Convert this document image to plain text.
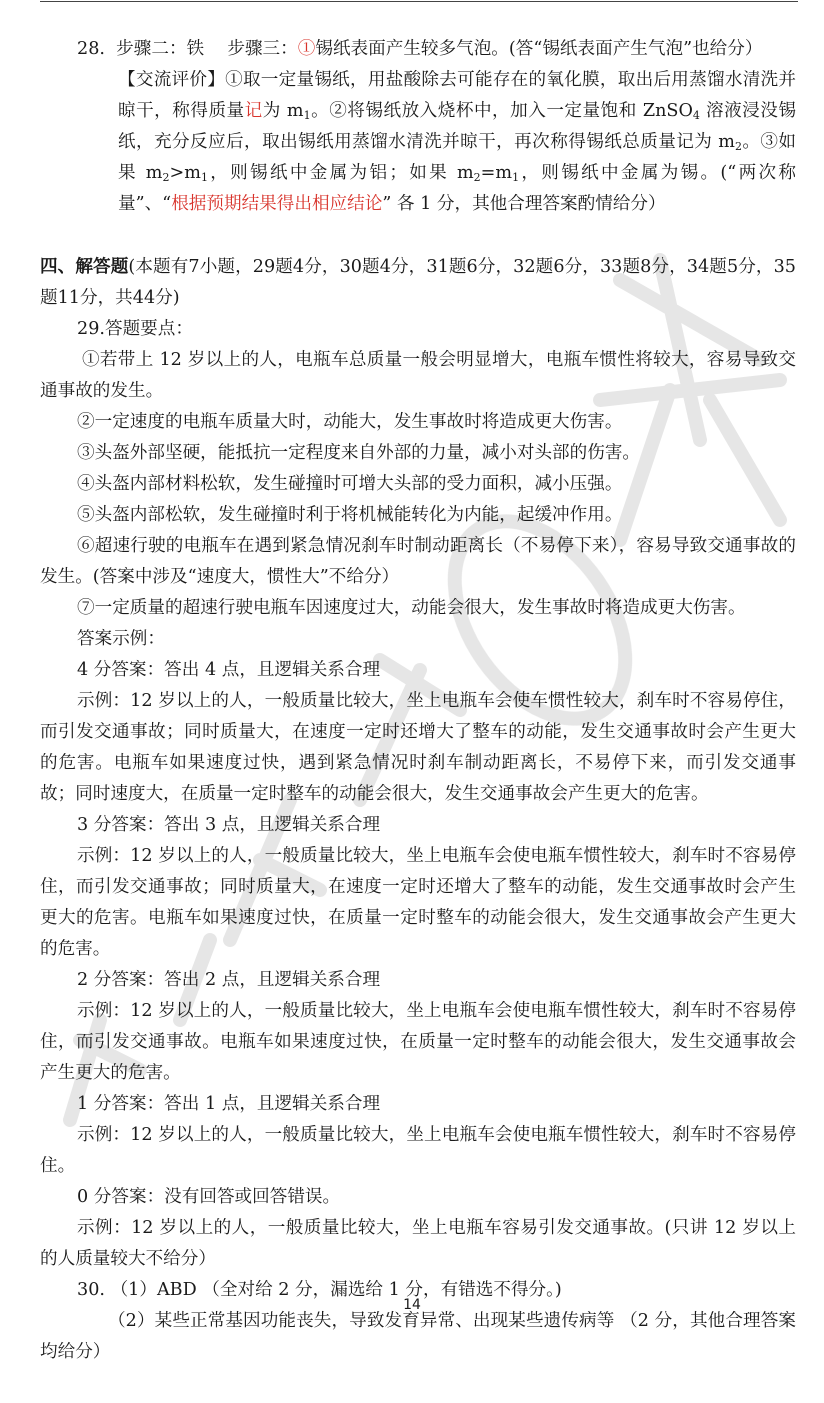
28. 步骤二：铁  步骤三：①锡纸表面产生较多气泡。(答“锡纸表面产生气泡”也给分）

【交流评价】①取一定量锡纸，用盐酸除去可能存在的氧化膜，取出后用蒸馏水清洗并晾干，称得质量记为 $m_1$。②将锡纸放入烧杯中，加入一定量饱和 ZnSO$_4$ 溶液浸没锡纸，充分反应后，取出锡纸用蒸馏水清洗并晾干，再次称得锡纸总质量记为 $m_2$。③如果 $m_2>m_1$，则锡纸中金属为铝；如果 $m_2=m_1$，则锡纸中金属为锡。(“两次称量”、“根据预期结果得出相应结论” 各 1 分，其他合理答案酌情给分）

四、解答题(本题有7小题，29题4分，30题4分，31题6分，32题6分，33题8分，34题5分，35题11分，共44分)

29.答题要点：

①若带上 12 岁以上的人，电瓶车总质量一般会明显增大，电瓶车惯性将较大，容易导致交通事故的发生。

②一定速度的电瓶车质量大时，动能大，发生事故时将造成更大伤害。

③头盔外部坚硬，能抵抗一定程度来自外部的力量，减小对头部的伤害。

④头盔内部材料松软，发生碰撞时可增大头部的受力面积，减小压强。

⑤头盔内部松软，发生碰撞时利于将机械能转化为内能，起缓冲作用。

⑥超速行驶的电瓶车在遇到紧急情况刹车时制动距离长（不易停下来），容易导致交通事故的发生。(答案中涉及“速度大，惯性大”不给分）

⑦一定质量的超速行驶电瓶车因速度过大，动能会很大，发生事故时将造成更大伤害。

答案示例：

4 分答案：答出 4 点，且逻辑关系合理

示例：12 岁以上的人，一般质量比较大，坐上电瓶车会使车惯性较大，刹车时不容易停住，而引发交通事故；同时质量大，在速度一定时还增大了整车的动能，发生交通事故时会产生更大的危害。电瓶车如果速度过快，遇到紧急情况时刹车制动距离长，不易停下来，而引发交通事故；同时速度大，在质量一定时整车的动能会很大，发生交通事故会产生更大的危害。

3 分答案：答出 3 点，且逻辑关系合理

示例：12 岁以上的人，一般质量比较大，坐上电瓶车会使电瓶车惯性较大，刹车时不容易停住，而引发交通事故；同时质量大，在速度一定时还增大了整车的动能，发生交通事故时会产生更大的危害。电瓶车如果速度过快，在质量一定时整车的动能会很大，发生交通事故会产生更大的危害。

2 分答案：答出 2 点，且逻辑关系合理

示例：12 岁以上的人，一般质量比较大，坐上电瓶车会使电瓶车惯性较大，刹车时不容易停住，而引发交通事故。电瓶车如果速度过快，在质量一定时整车的动能会很大，发生交通事故会产生更大的危害。

1 分答案：答出 1 点，且逻辑关系合理

示例：12 岁以上的人，一般质量比较大，坐上电瓶车会使电瓶车惯性较大，刹车时不容易停住。

0 分答案：没有回答或回答错误。

示例：12 岁以上的人，一般质量比较大，坐上电瓶车容易引发交通事故。(只讲 12 岁以上的人质量较大不给分）

30. （1）ABD （全对给 2 分，漏选给 1 分，有错选不得分。)

（2）某些正常基因功能丧失，导致发育异常、出现某些遗传病等 （2 分，其他合理答案均给分）

14
